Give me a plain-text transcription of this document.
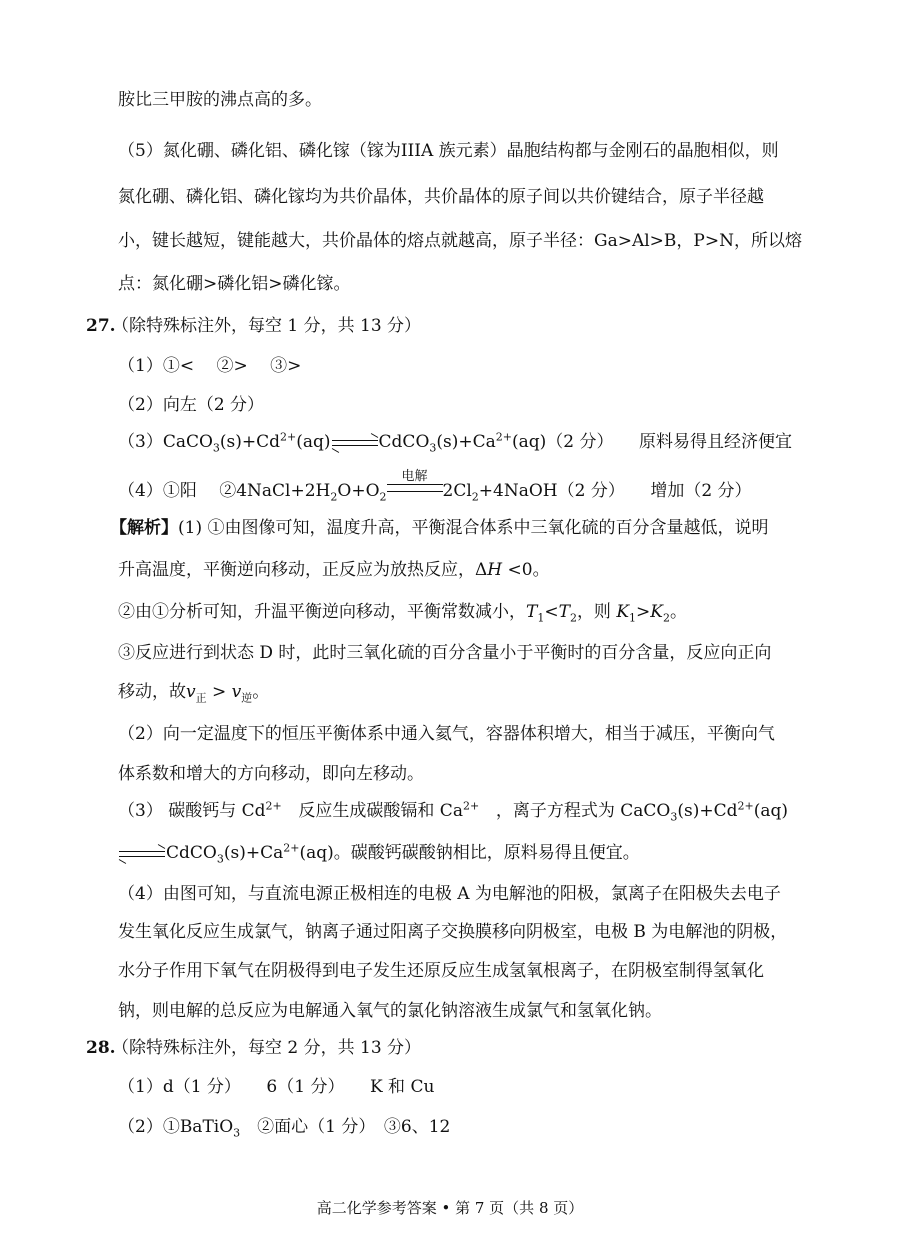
胺比三甲胺的沸点高的多。
（5）氮化硼、磷化铝、磷化镓（镓为IIIA 族元素）晶胞结构都与金刚石的晶胞相似，则
氮化硼、磷化铝、磷化镓均为共价晶体，共价晶体的原子间以共价键结合，原子半径越
小，键长越短，键能越大，共价晶体的熔点就越高，原子半径：Ga>Al>B，P>N，所以熔
点：氮化硼>磷化铝>磷化镓。
27.
（除特殊标注外，每空 1 分，共 13 分）
（1）①<　 ②>　 ③>
（2）向左（2 分）
$(3)CaCO_3(s)+Cd^{2+}(aq)$	$CdCO_3(s)+Ca^{2+}(aq)(2$ 分）　　原料易得且经济便宜
（4）①阳　 $②4NaCl+2H_2O+O_2$
电解
$2Cl_2+4NaOH(2$ 分）　　增加（2 分）
【解析】(1) ①由图像可知，温度升高，平衡混合体系中三氧化硫的百分含量越低，说明
升高温度，平衡逆向移动，正反应为放热反应，ΔH <0。
②由①分析可知，升温平衡逆向移动，平衡常数减小，$T_1<T_2$，则 $K_1>K_2$。
③反应进行到状态 D 时，此时三氧化硫的百分含量小于平衡时的百分含量，反应向正向
移动，故$v_正 > v_逆$。
（2）向一定温度下的恒压平衡体系中通入氦气，容器体积增大，相当于减压，平衡向气
体系数和增大的方向移动，即向左移动。
（3） 碳酸钙与 $Cd^{2+}$ 反应生成碳酸镉和 $Ca^{2+}$ ，离子方程式为 $CaCO_3(s)+Cd^{2+}(aq)$
$CdCO_3(s)+Ca^{2+}(aq)$。碳酸钙碳酸钠相比，原料易得且便宜。
（4）由图可知，与直流电源正极相连的电极 A 为电解池的阳极，氯离子在阳极失去电子
发生氧化反应生成氯气，钠离子通过阳离子交换膜移向阴极室，电极 B 为电解池的阴极，
水分子作用下氧气在阴极得到电子发生还原反应生成氢氧根离子，在阴极室制得氢氧化
钠，则电解的总反应为电解通入氧气的氯化钠溶液生成氯气和氢氧化钠。
28.
（除特殊标注外，每空 2 分，共 13 分）
（1）d（1 分）　　6（1 分）　　K 和 Cu
（2）①BaTiO$_3$　②面心（1 分）　③6、12
高二化学参考答案 • 第 7 页（共 8 页）
